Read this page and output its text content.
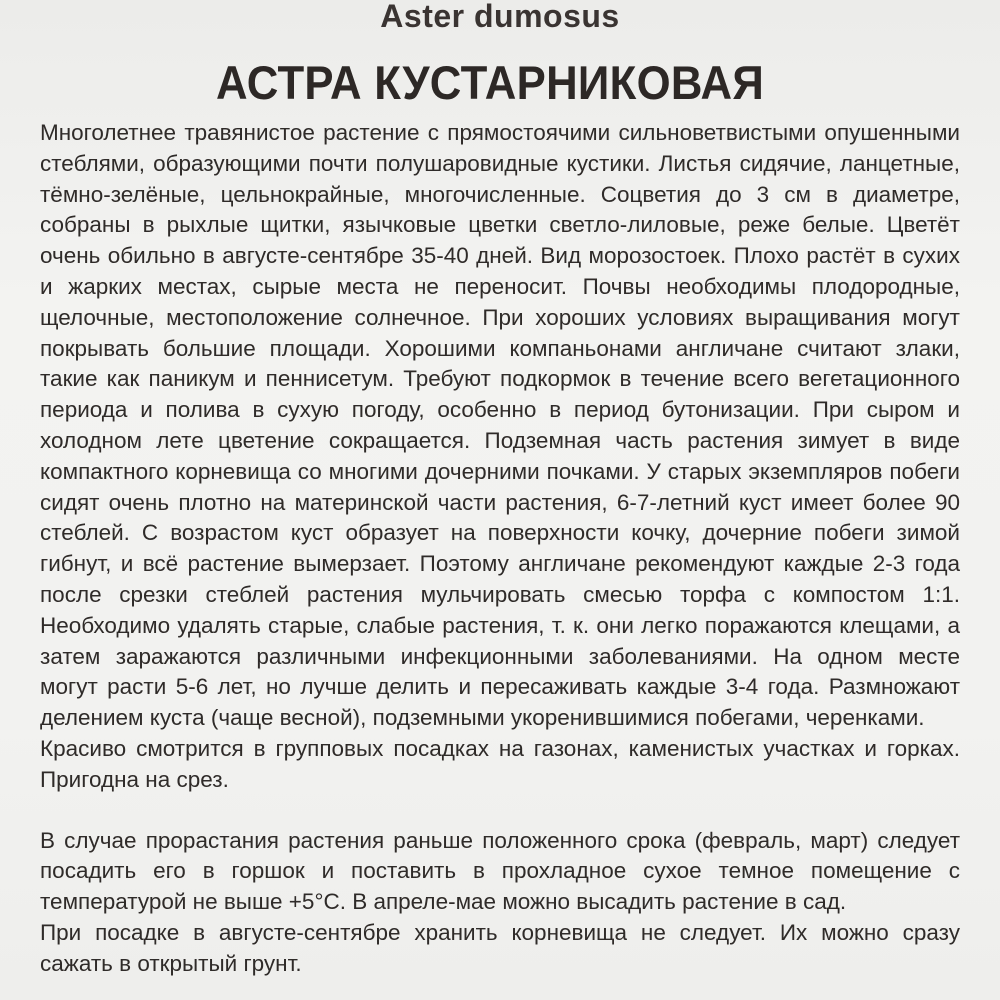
Aster dumosus
АСТРА КУСТАРНИКОВАЯ

Многолетнее травянистое растение с прямостоячими сильноветвистыми опушенными стеблями, образующими почти полушаровидные кустики. Листья сидячие, ланцетные, тёмно-зелёные, цельнокрайные, многочисленные. Соцветия до 3 см в диаметре, собраны в рыхлые щитки, язычковые цветки светло-лиловые, реже белые. Цветёт очень обильно в августе-сентябре 35-40 дней. Вид морозостоек. Плохо растёт в сухих и жарких местах, сырые места не переносит. Почвы необходимы плодородные, щелочные, местоположение солнечное. При хороших условиях выращивания могут покрывать большие площади. Хорошими компаньонами англичане считают злаки, такие как паникум и пеннисетум. Требуют подкормок в течение всего вегетационного периода и полива в сухую погоду, особенно в период бутонизации. При сыром и холодном лете цветение сокращается. Подземная часть растения зимует в виде компактного корневища со многими дочерними почками. У старых экземпляров побеги сидят очень плотно на материнской части растения, 6-7-летний куст имеет более 90 стеблей. С возрастом куст образует на поверхности кочку, дочерние побеги зимой гибнут, и всё растение вымерзает. Поэтому англичане рекомендуют каждые 2-3 года после срезки стеблей растения мульчировать смесью торфа с компостом 1:1. Необходимо удалять старые, слабые растения, т. к. они легко поражаются клещами, а затем заражаются различными инфекционными заболеваниями. На одном месте могут расти 5-6 лет, но лучше делить и пересаживать каждые 3-4 года. Размножают делением куста (чаще весной), подземными укоренившимися побегами, черенками.

Красиво смотрится в групповых посадках на газонах, каменистых участках и горках. Пригодна на срез.

В случае прорастания растения раньше положенного срока (февраль, март) следует посадить его в горшок и поставить в прохладное сухое темное помещение с температурой не выше +5°C. В апреле-мае можно высадить растение в сад.

При посадке в августе-сентябре хранить корневища не следует. Их можно сразу сажать в открытый грунт.
